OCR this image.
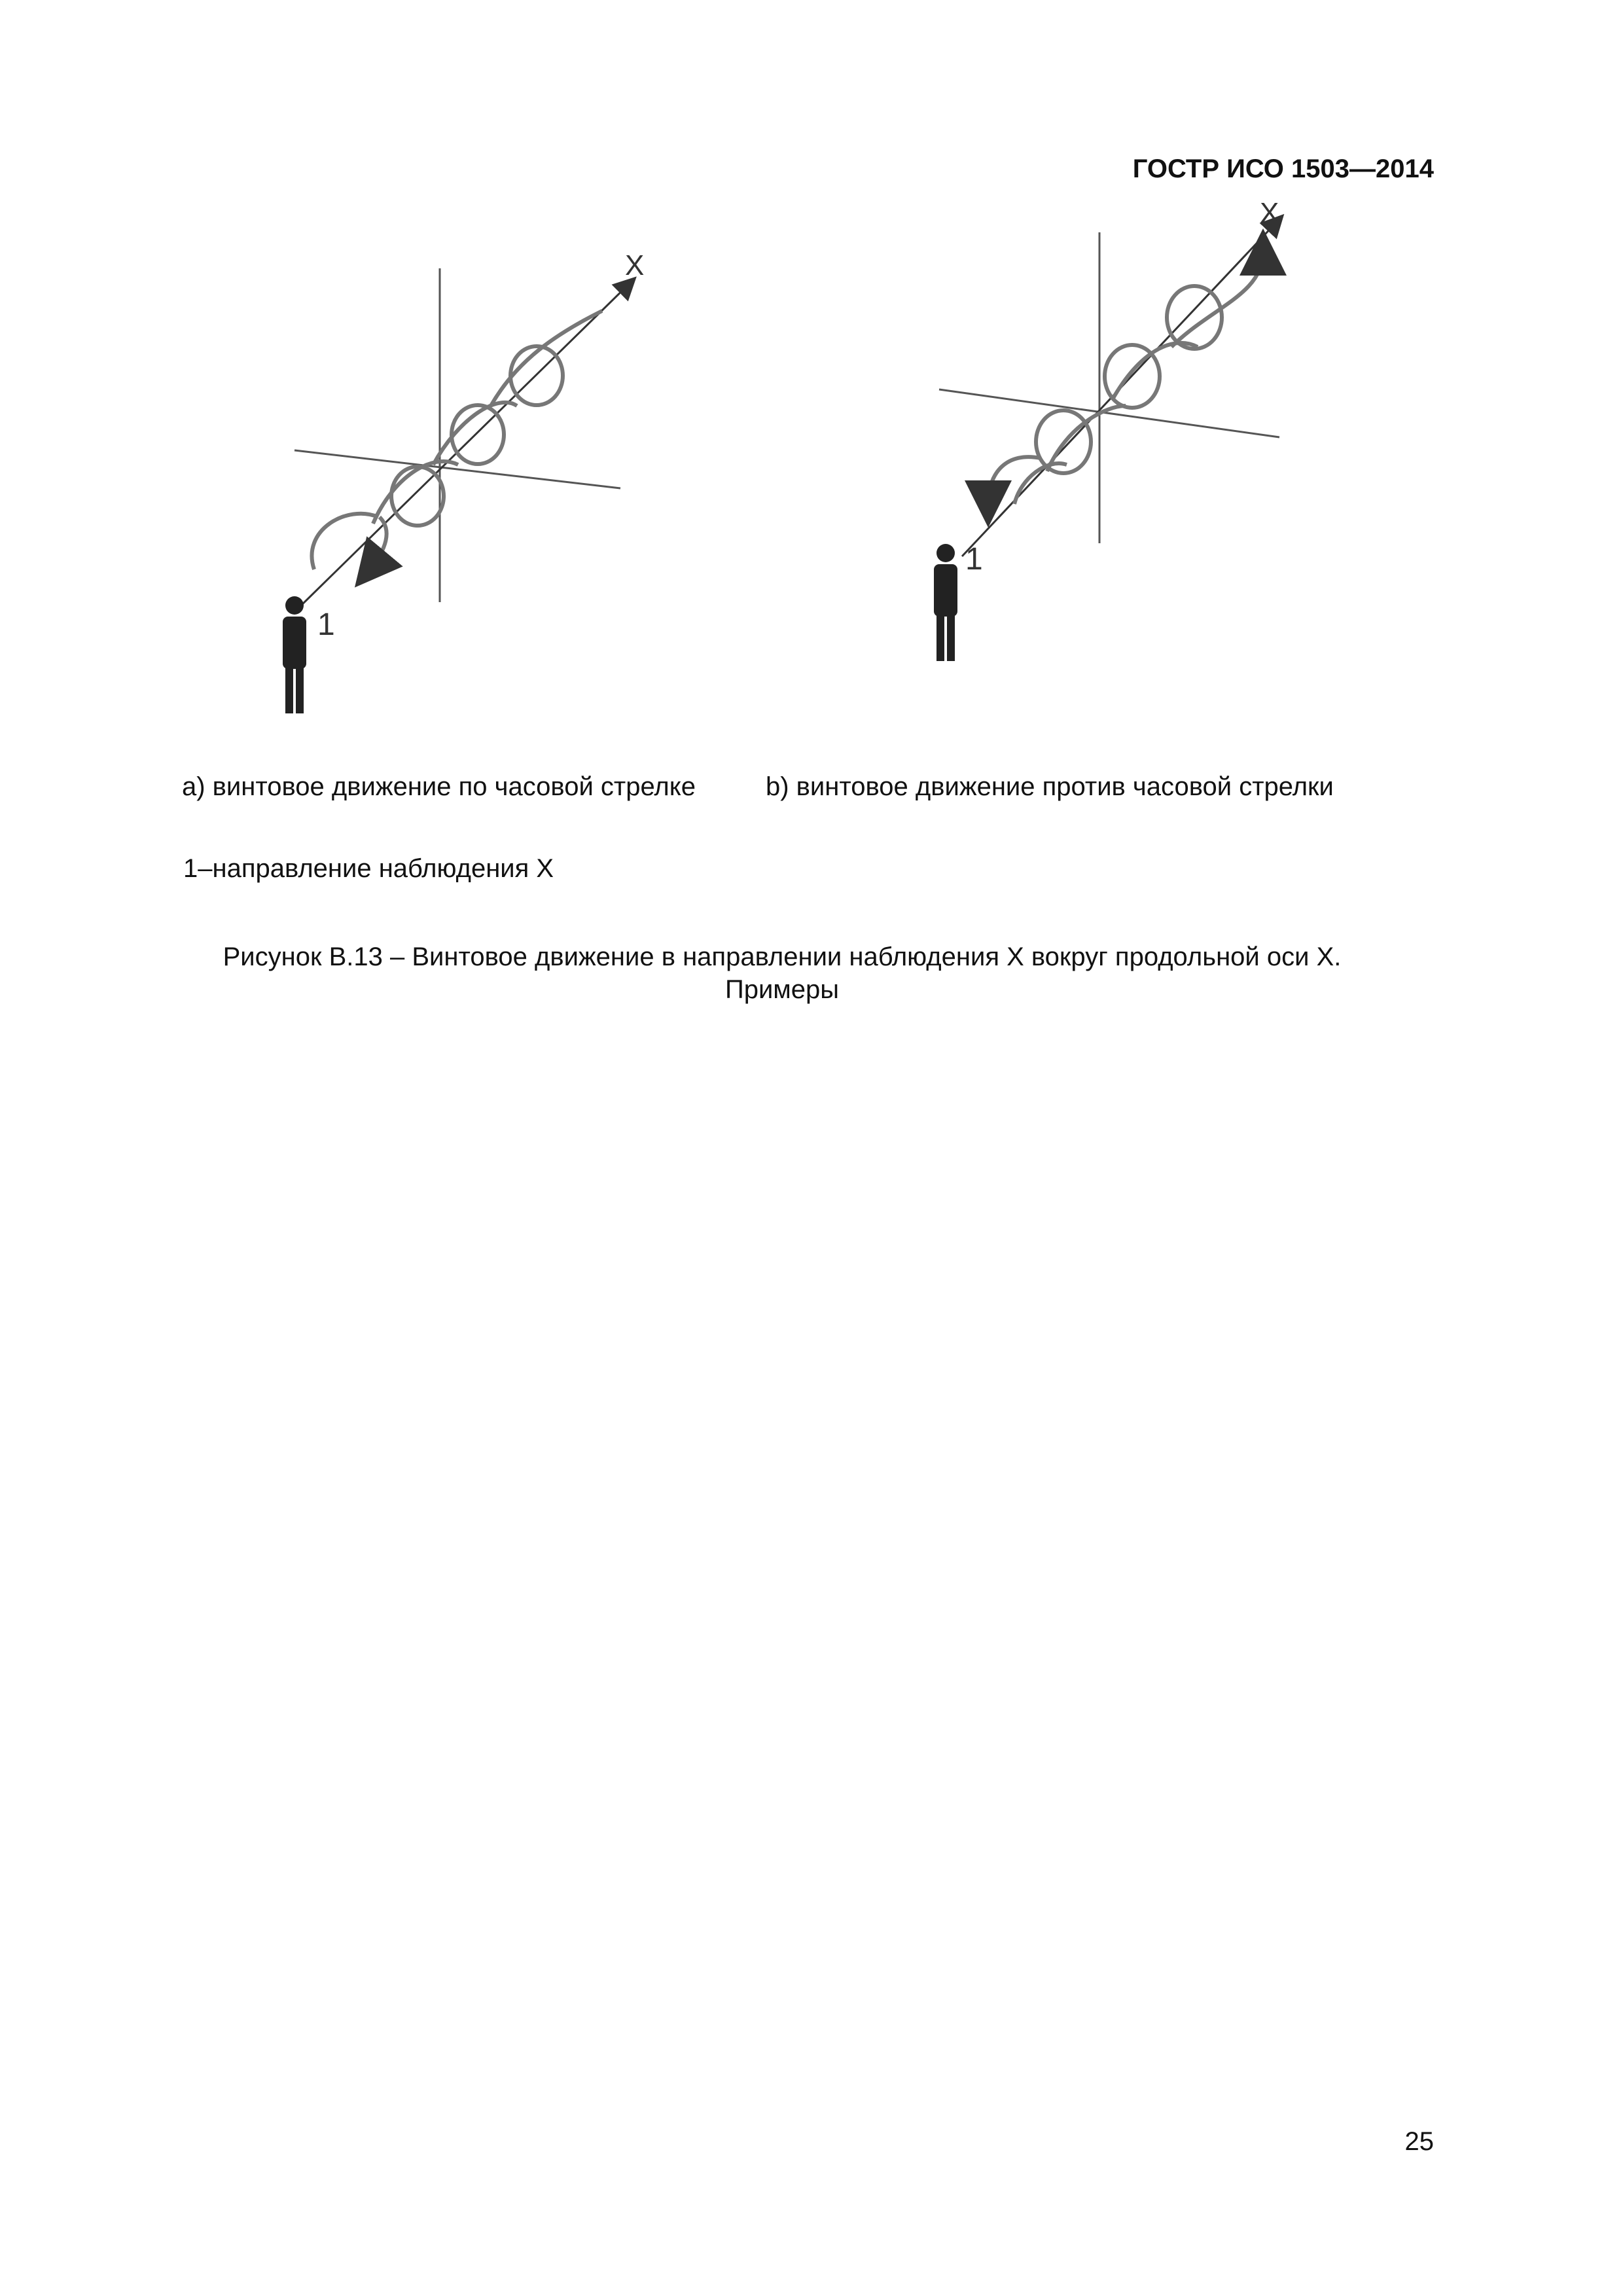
ГОСТР ИСО 1503—2014
X
1
X
1
а) винтовое движение по часовой стрелке	b) винтовое движение против часовой стрелки
1–направление наблюдения X
Рисунок B.13 – Винтовое движение в направлении наблюдения X вокруг продольной оси X.
Примеры
25
